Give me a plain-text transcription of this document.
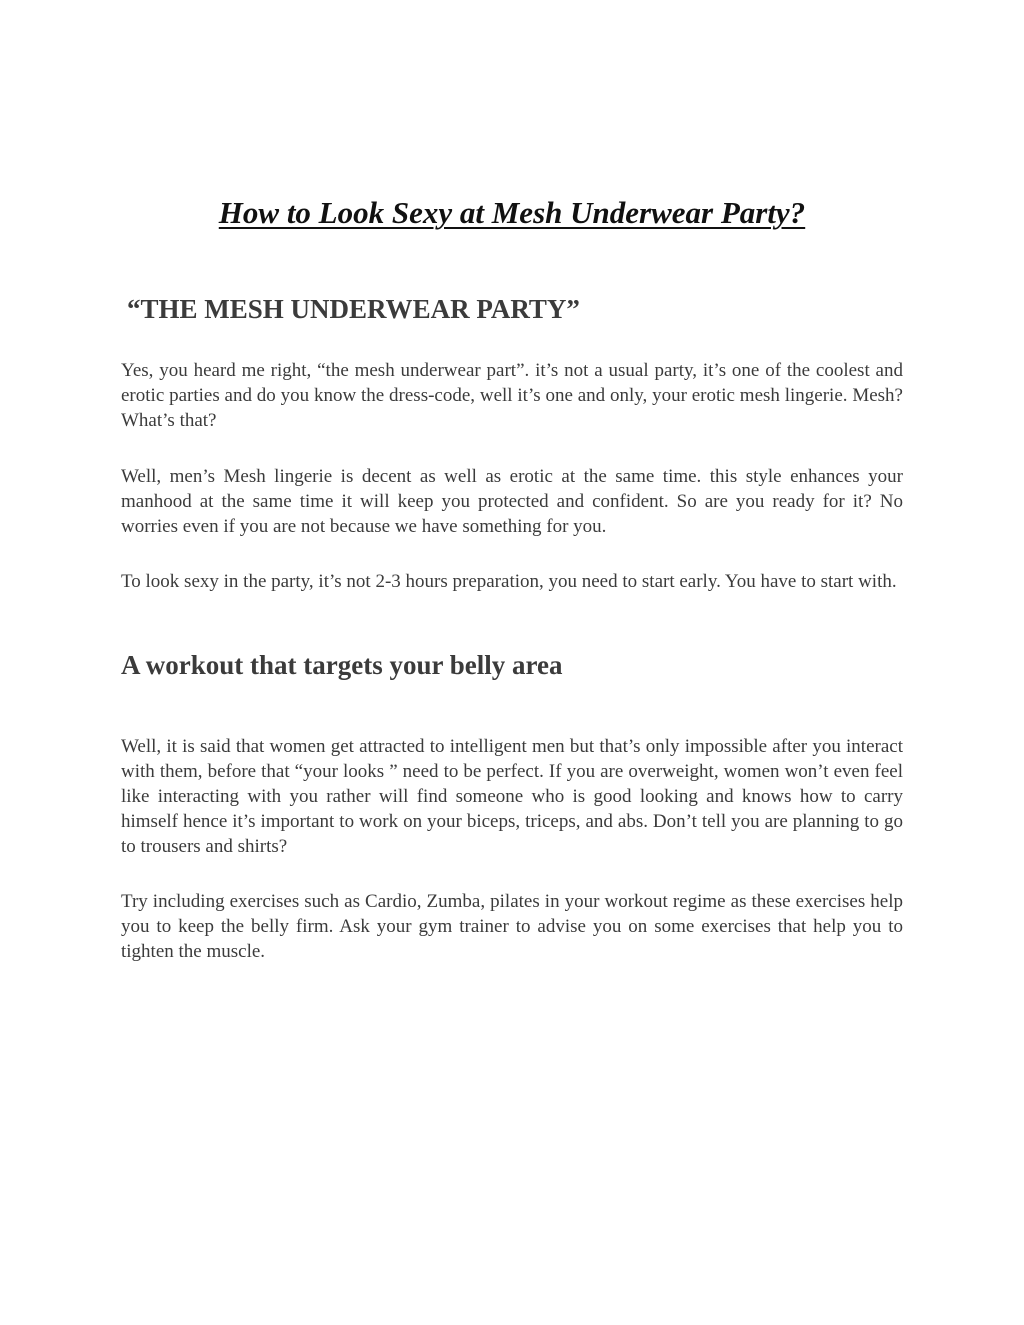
How to Look Sexy at Mesh Underwear Party?
“THE MESH UNDERWEAR PARTY”

Yes, you heard me right, “the mesh underwear part”. it’s not a usual party, it’s one of the coolest and erotic parties and do you know the dress-code, well it’s one and only, your erotic mesh lingerie. Mesh? What’s that?

Well, men’s Mesh lingerie is decent as well as erotic at the same time. this style enhances your manhood at the same time it will keep you protected and confident. So are you ready for it? No worries even if you are not because we have something for you.

To look sexy in the party, it’s not 2-3 hours preparation, you need to start early. You have to start with.

A workout that targets your belly area

Well, it is said that women get attracted to intelligent men but that’s only impossible after you interact with them, before that “your looks ” need to be perfect. If you are overweight, women won’t even feel like interacting with you rather will find someone who is good looking and knows how to carry himself hence it’s important to work on your biceps, triceps, and abs. Don’t tell you are planning to go to trousers and shirts?

Try including exercises such as Cardio, Zumba, pilates in your workout regime as these exercises help you to keep the belly firm. Ask your gym trainer to advise you on some exercises that help you to tighten the muscle.
